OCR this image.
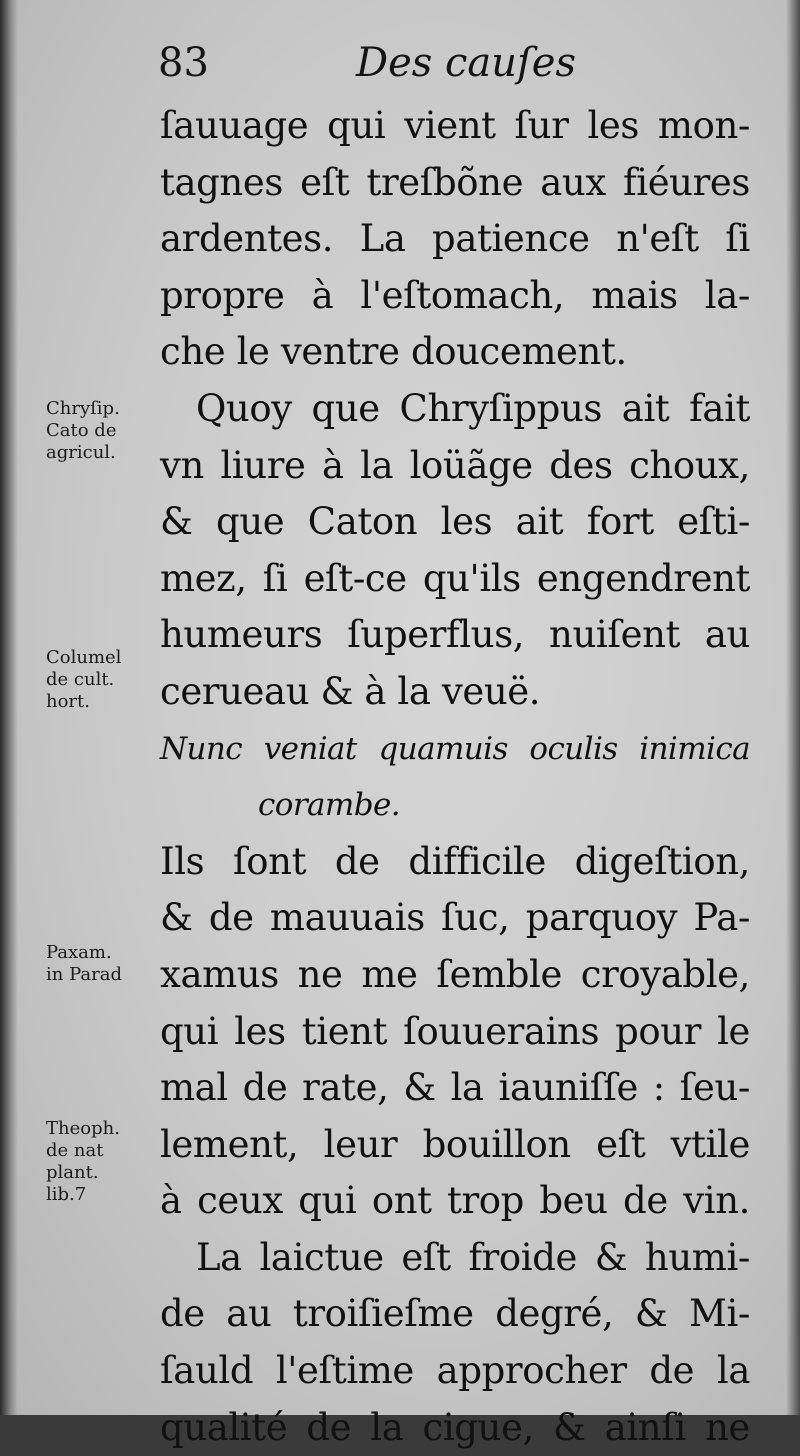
83	Des cauſes
ſauuage qui vient ſur les mon-
tagnes eſt treſbõne aux fiéures
ardentes. La patience n'eſt ſi
propre à l'eſtomach, mais la-
che le ventre doucement.
Quoy que Chryſippus ait fait
vn liure à la loüãge des choux,
& que Caton les ait fort eſti-
mez, ſi eſt-ce qu'ils engendrent
humeurs ſuperflus, nuiſent au
cerueau & à la veuë.
Nunc veniat quamuis oculis inimica
corambe.
Ils ſont de difficile digeſtion,
& de mauuais ſuc, parquoy Pa-
xamus ne me ſemble croyable,
qui les tient ſouuerains pour le
mal de rate, & la iauniſſe : ſeu-
lement, leur bouillon eſt vtile
à ceux qui ont trop beu de vin.
La laictue eſt froide & humi-
de au troiſieſme degré, & Mi-
ſauld l'eſtime approcher de la
qualité de la cigue, & ainſi ne
Chryſip.
Cato de
agricul.
Columel
de cult.
hort.
Paxam.
in Parad
Theoph.
de nat
plant.
lib.7
